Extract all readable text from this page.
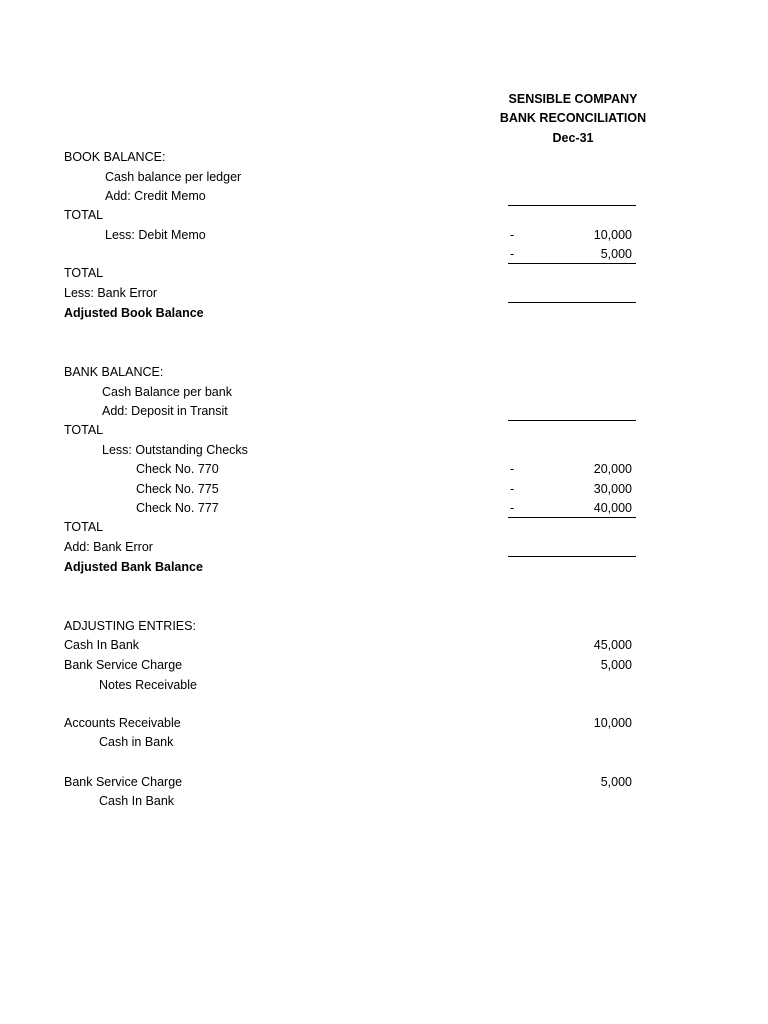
SENSIBLE COMPANY
BANK RECONCILIATION
Dec-31
BOOK BALANCE:
Cash balance per ledger
Add: Credit Memo
TOTAL
Less: Debit Memo	-	10,000
-	5,000
TOTAL
Less: Bank Error
Adjusted Book Balance
BANK BALANCE:
Cash Balance per bank
Add: Deposit in Transit
TOTAL
Less: Outstanding Checks
Check No. 770	-	20,000
Check No. 775	-	30,000
Check No. 777	-	40,000
TOTAL
Add: Bank Error
Adjusted Bank Balance
ADJUSTING ENTRIES:
Cash In Bank	45,000
Bank Service Charge	5,000
Notes Receivable
Accounts Receivable	10,000
Cash in Bank
Bank Service Charge	5,000
Cash In Bank
